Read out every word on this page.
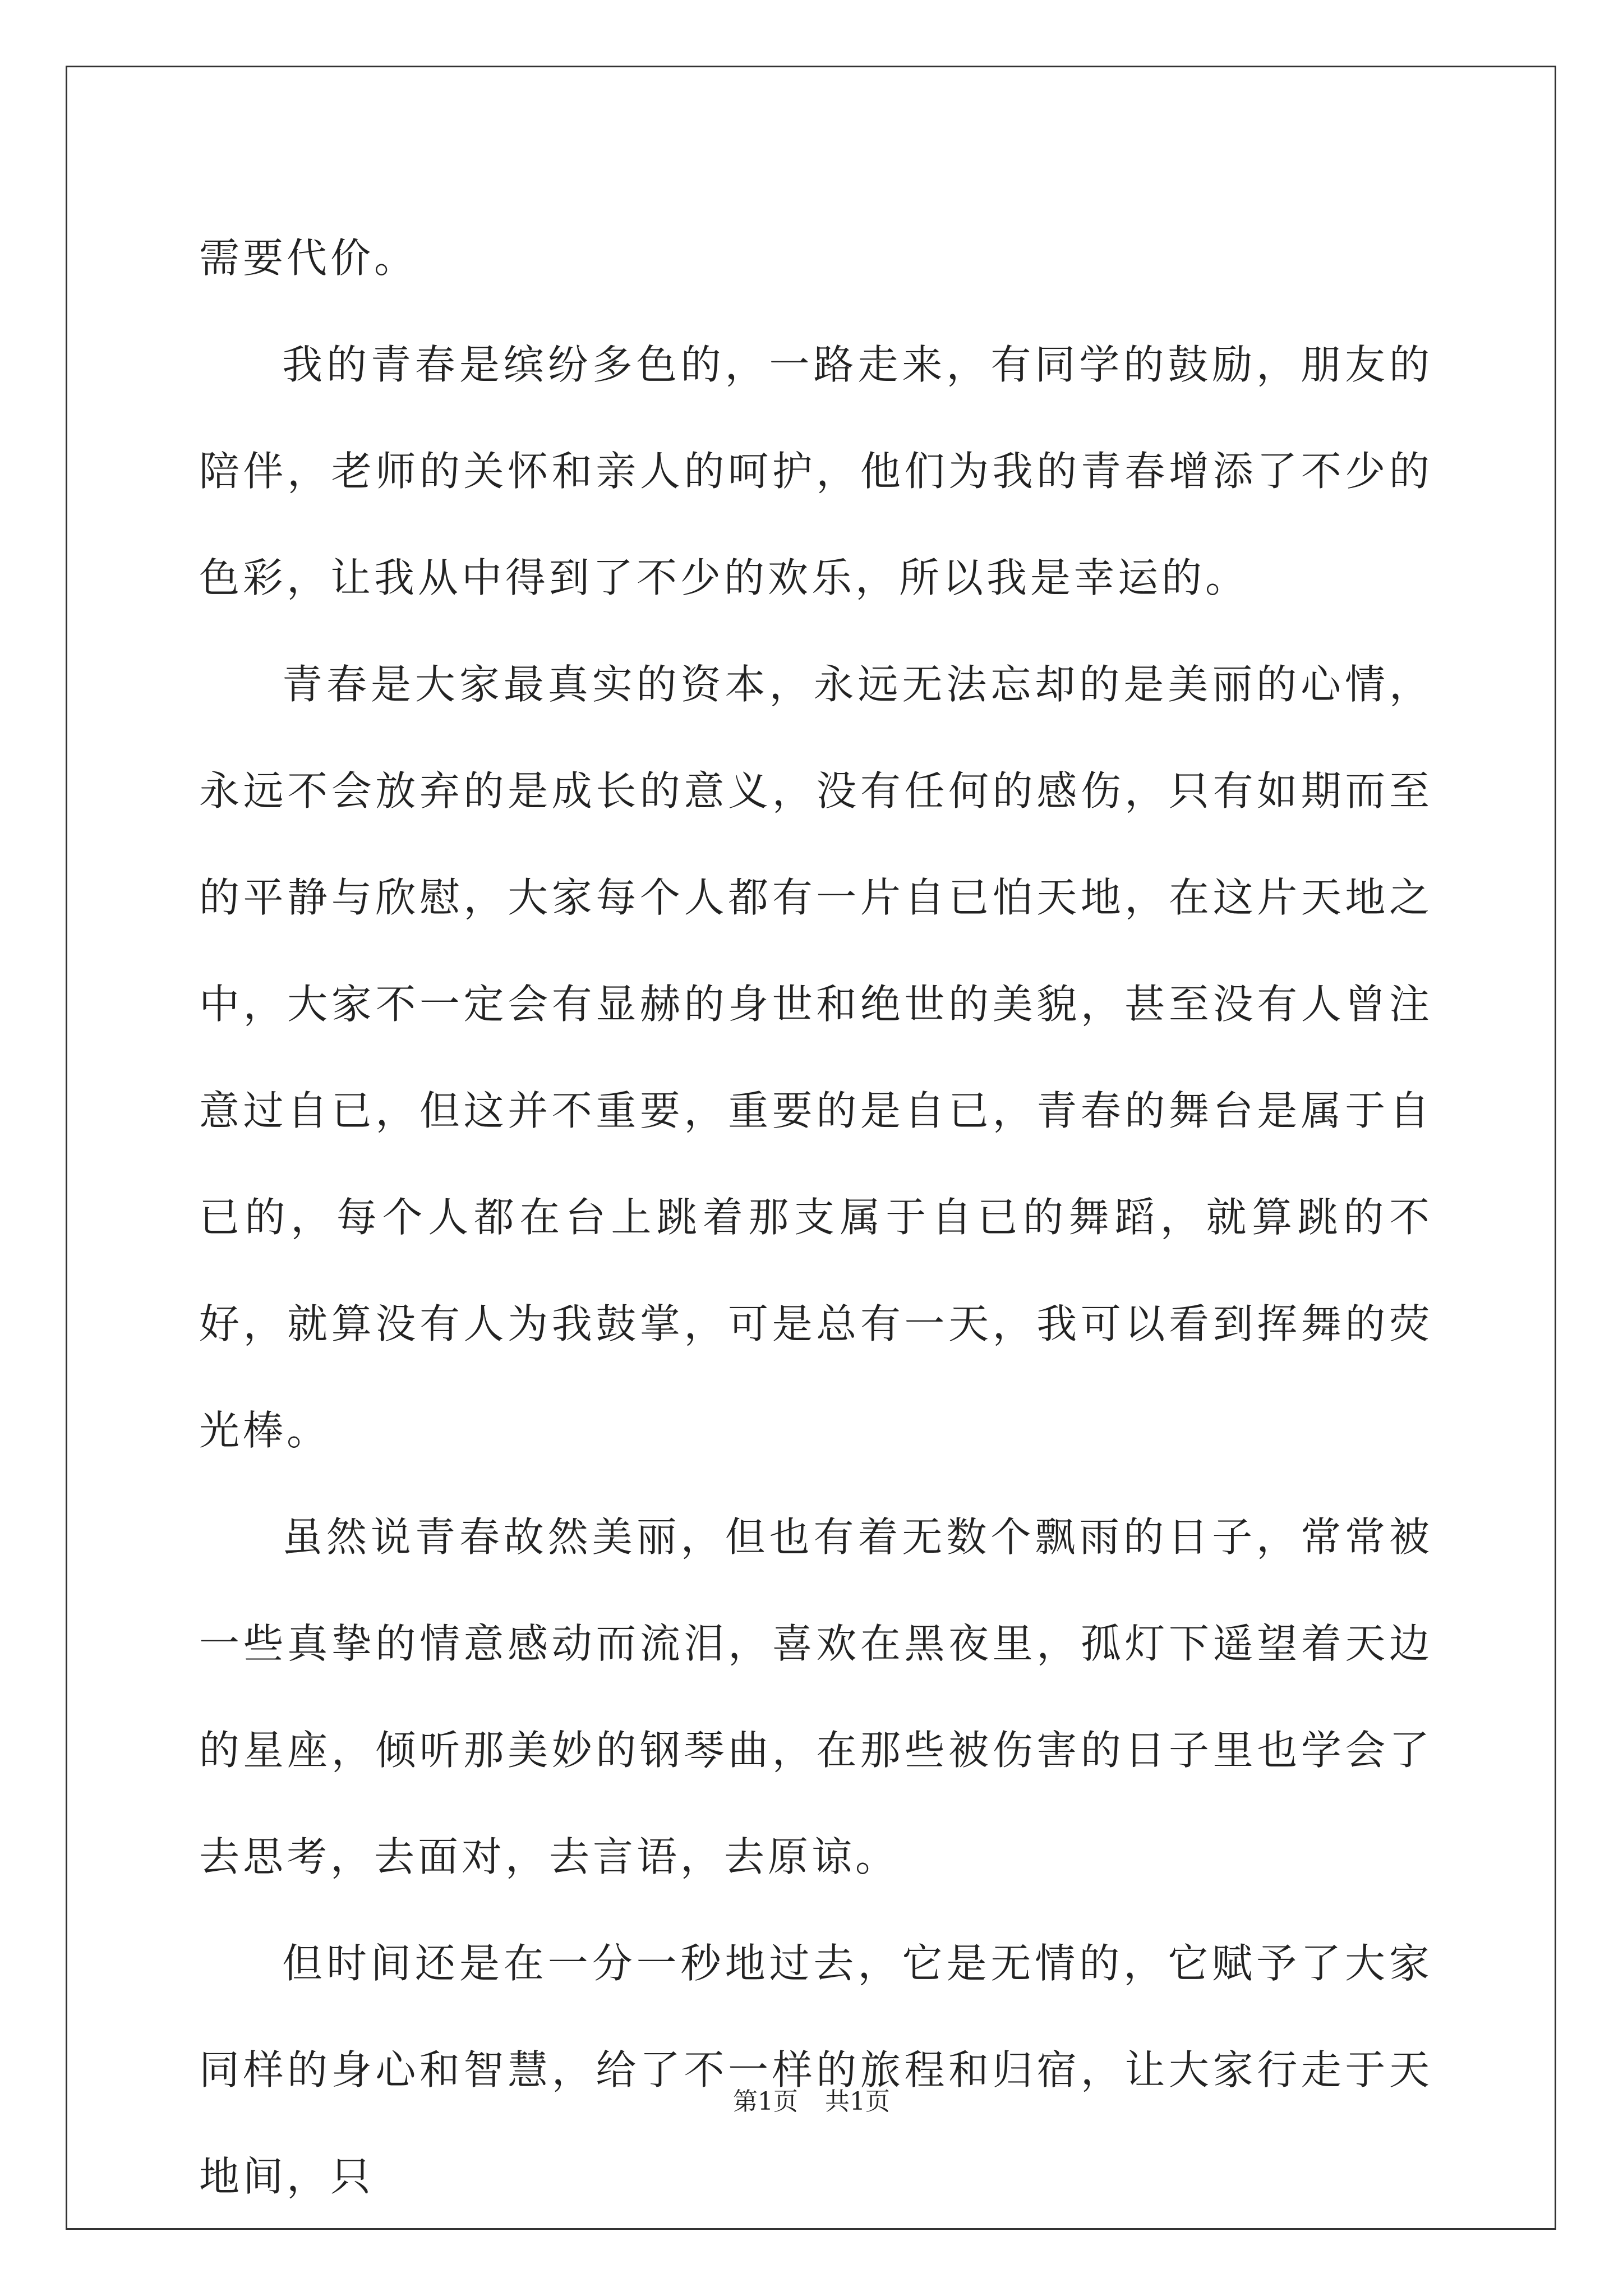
需要代价。

我的青春是缤纷多色的，一路走来，有同学的鼓励，朋友的陪伴，老师的关怀和亲人的呵护，他们为我的青春增添了不少的色彩，让我从中得到了不少的欢乐，所以我是幸运的。

青春是大家最真实的资本，永远无法忘却的是美丽的心情，永远不会放弃的是成长的意义，没有任何的感伤，只有如期而至的平静与欣慰，大家每个人都有一片自已怕天地，在这片天地之中，大家不一定会有显赫的身世和绝世的美貌，甚至没有人曾注意过自已，但这并不重要，重要的是自已，青春的舞台是属于自已的，每个人都在台上跳着那支属于自已的舞蹈，就算跳的不好，就算没有人为我鼓掌，可是总有一天，我可以看到挥舞的荧光棒。

虽然说青春故然美丽，但也有着无数个飘雨的日子，常常被一些真挚的情意感动而流泪，喜欢在黑夜里，孤灯下遥望着天边的星座，倾听那美妙的钢琴曲，在那些被伤害的日子里也学会了去思考，去面对，去言语，去原谅。

但时间还是在一分一秒地过去，它是无情的，它赋予了大家同样的身心和智慧，给了不一样的旅程和归宿，让大家行走于天地间，只

第1页 共1页
